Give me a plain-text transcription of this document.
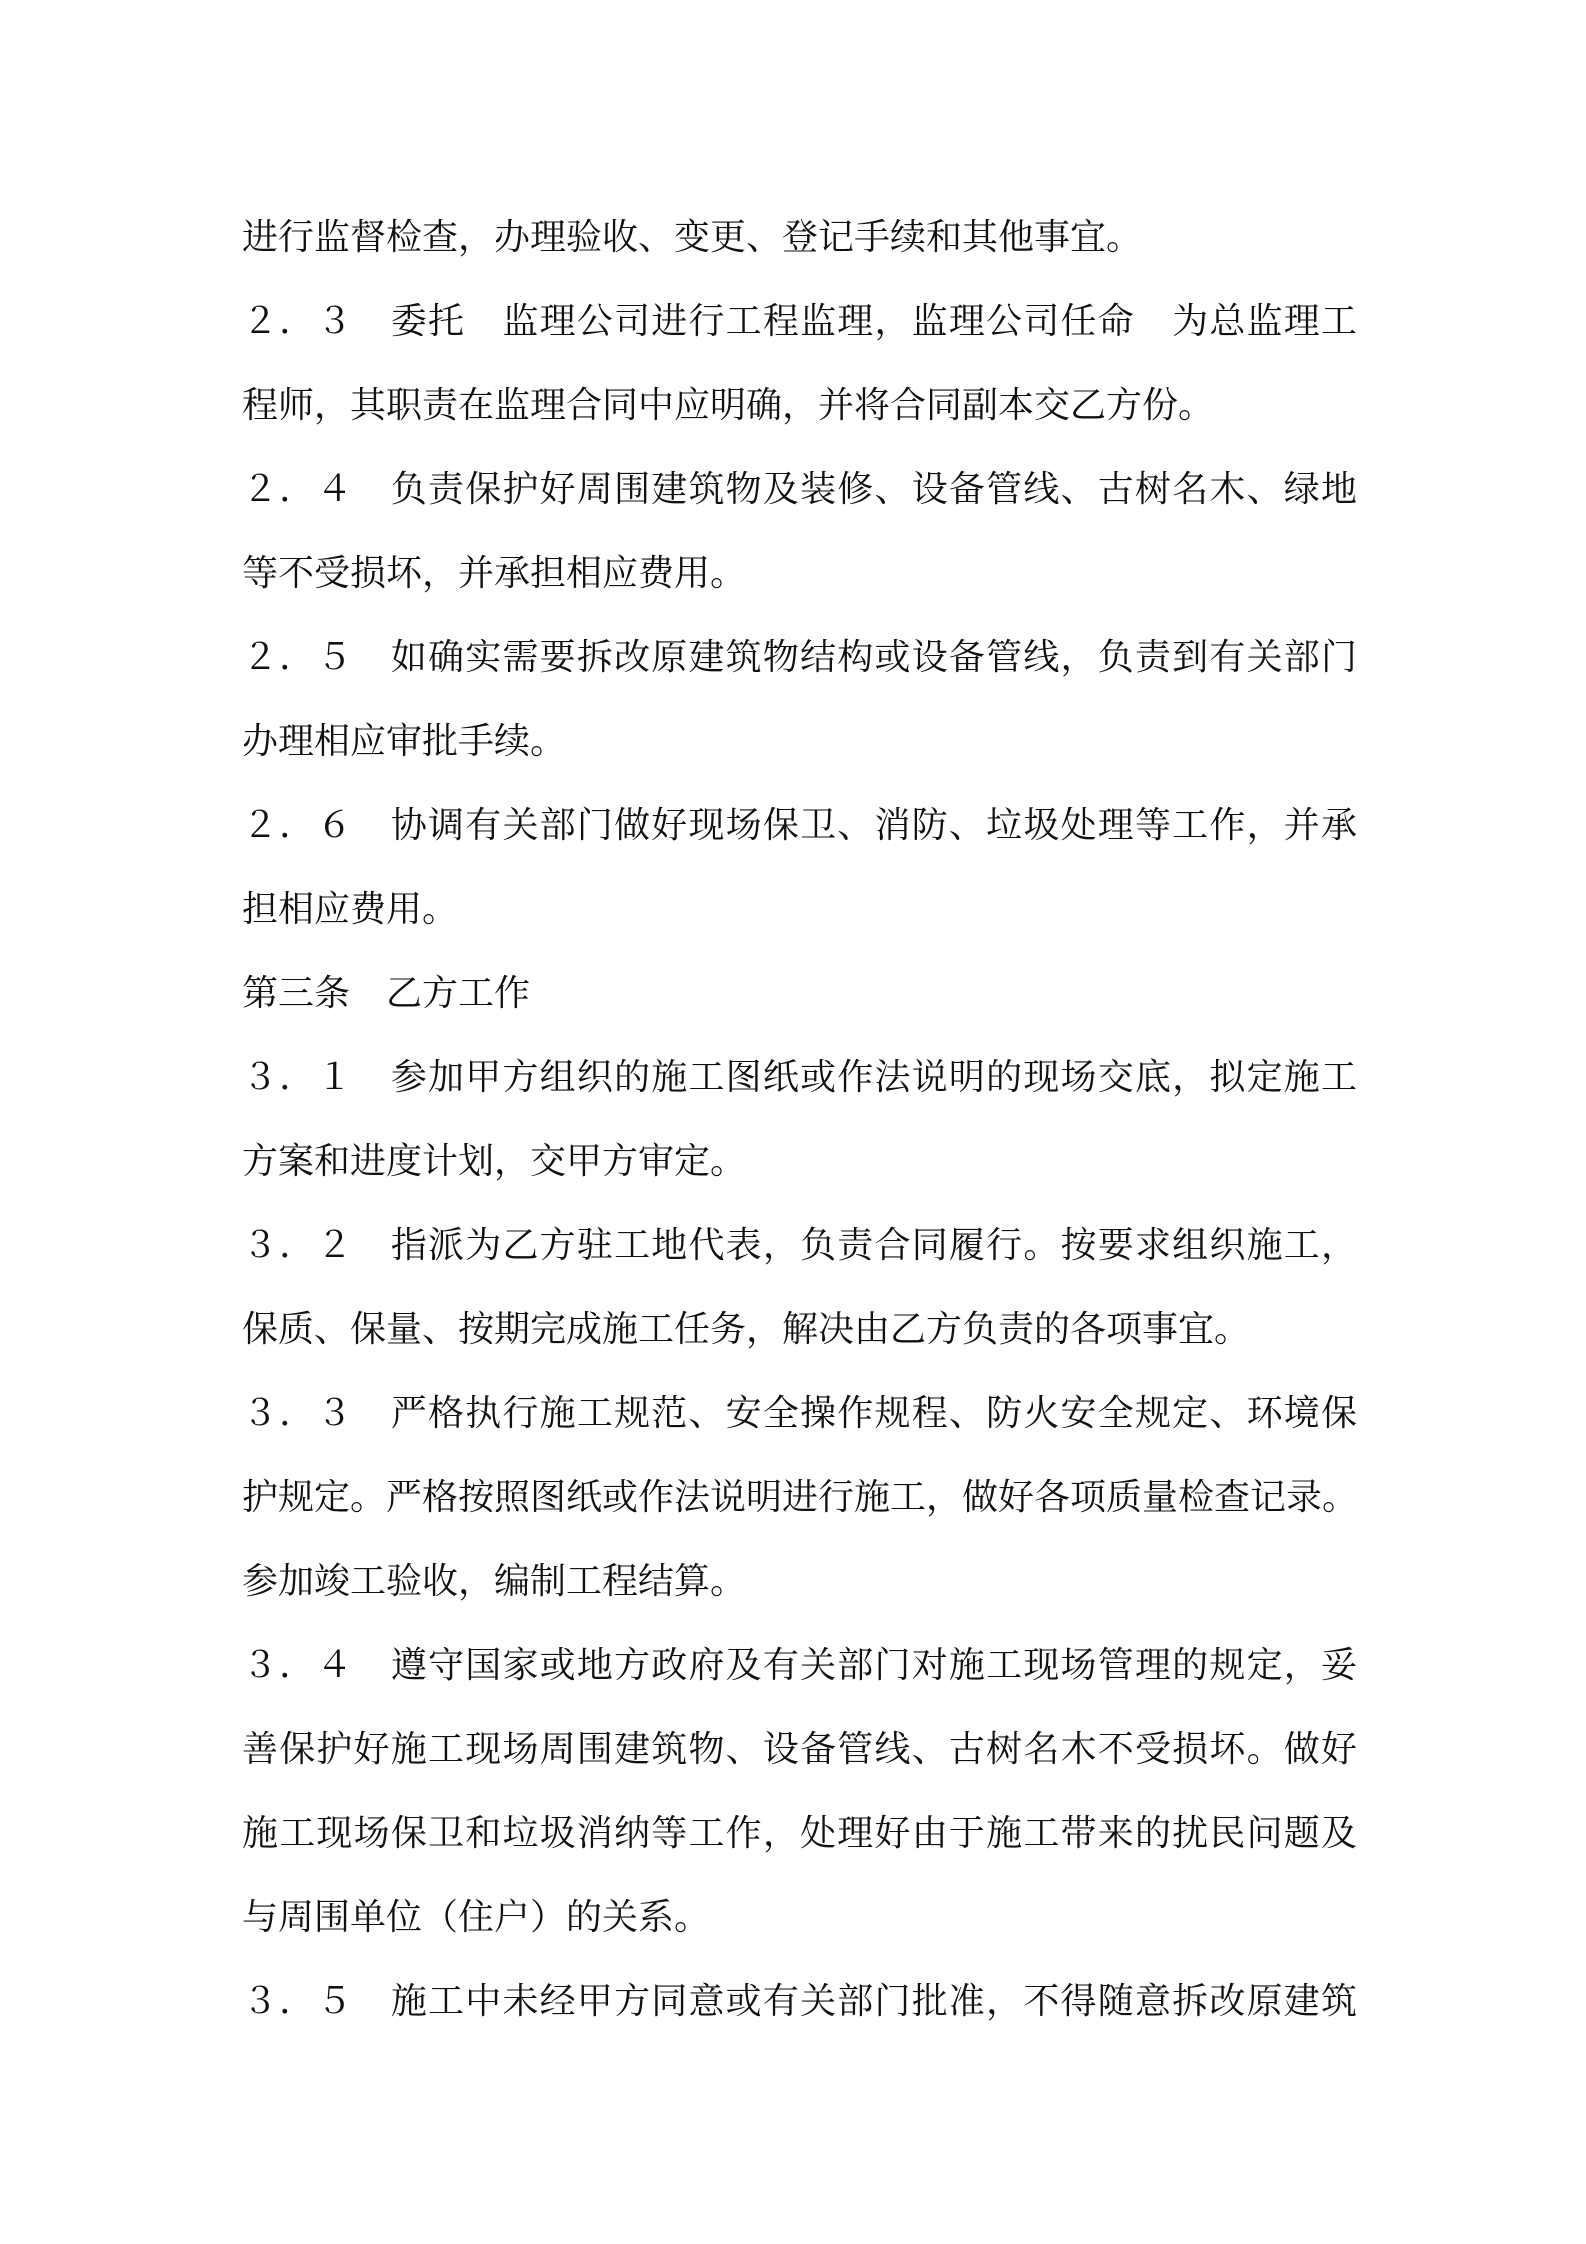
进行监督检查，办理验收、变更、登记手续和其他事宜。
２．３　委托　监理公司进行工程监理，监理公司任命　为总监理工
程师，其职责在监理合同中应明确，并将合同副本交乙方份。
２．４　负责保护好周围建筑物及装修、设备管线、古树名木、绿地
等不受损坏，并承担相应费用。
２．５　如确实需要拆改原建筑物结构或设备管线，负责到有关部门
办理相应审批手续。
２．６　协调有关部门做好现场保卫、消防、垃圾处理等工作，并承
担相应费用。
第三条　乙方工作
３．１　参加甲方组织的施工图纸或作法说明的现场交底，拟定施工
方案和进度计划，交甲方审定。
３．２　指派为乙方驻工地代表，负责合同履行。按要求组织施工，
保质、保量、按期完成施工任务，解决由乙方负责的各项事宜。
３．３　严格执行施工规范、安全操作规程、防火安全规定、环境保
护规定。严格按照图纸或作法说明进行施工，做好各项质量检查记录。
参加竣工验收，编制工程结算。
３．４　遵守国家或地方政府及有关部门对施工现场管理的规定，妥
善保护好施工现场周围建筑物、设备管线、古树名木不受损坏。做好
施工现场保卫和垃圾消纳等工作，处理好由于施工带来的扰民问题及
与周围单位（住户）的关系。
３．５　施工中未经甲方同意或有关部门批准，不得随意拆改原建筑
